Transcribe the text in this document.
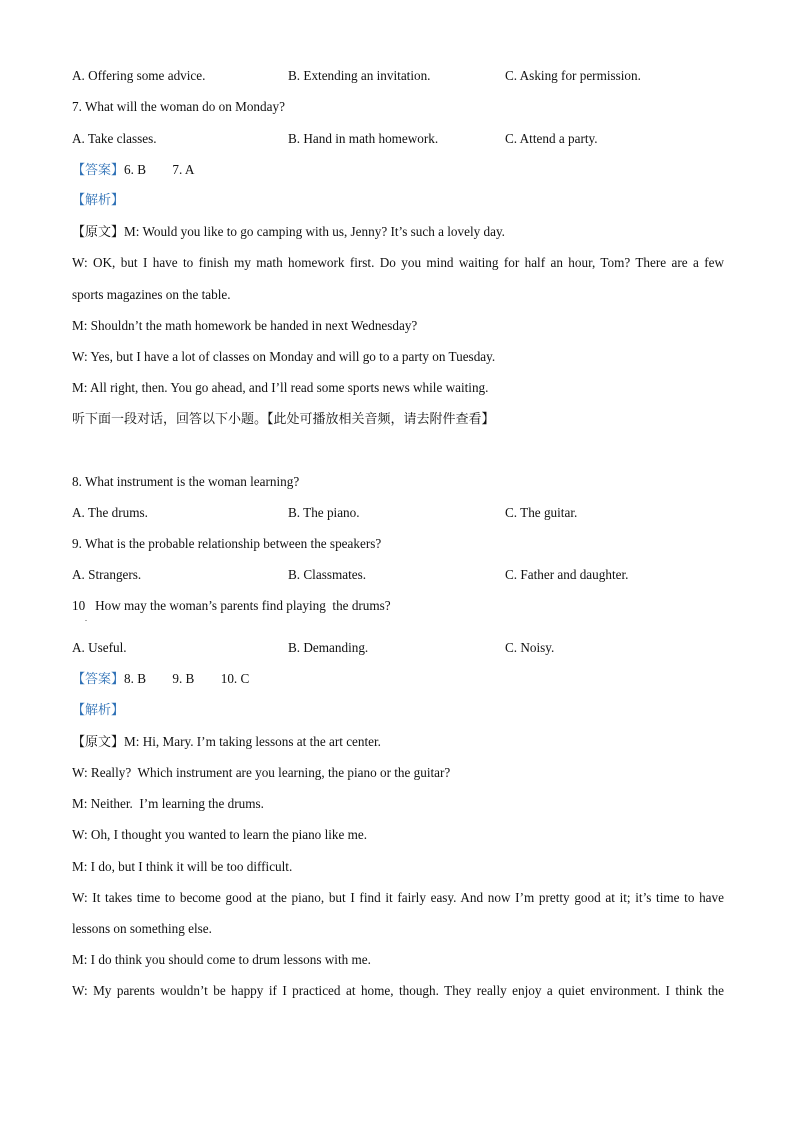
A. Offering some advice.	B. Extending an invitation.	C. Asking for permission.
7. What will the woman do on Monday?
A. Take classes.	B. Hand in math homework.	C. Attend a party.
【答案】6. B        7. A
【解析】
【原文】M: Would you like to go camping with us, Jenny? It’s such a lovely day.
W: OK, but I have to finish my math homework first. Do you mind waiting for half an hour, Tom? There are a few
sports magazines on the table.
M: Shouldn’t the math homework be handed in next Wednesday?
W: Yes, but I have a lot of classes on Monday and will go to a party on Tuesday.
M: All right, then. You go ahead, and I’ll read some sports news while waiting.
听下面一段对话，回答以下小题。【此处可播放相关音频，请去附件查看】
8. What instrument is the woman learning?
A. The drums.	B. The piano.	C. The guitar.
9. What is the probable relationship between the speakers?
A. Strangers.	B. Classmates.	C. Father and daughter.
10   How may the woman’s parents find playing  the drums?
.
A. Useful.	B. Demanding.	C. Noisy.
【答案】8. B        9. B        10. C
【解析】
【原文】M: Hi, Mary. I’m taking lessons at the art center.
W: Really?  Which instrument are you learning, the piano or the guitar?
M: Neither.  I’m learning the drums.
W: Oh, I thought you wanted to learn the piano like me.
M: I do, but I think it will be too difficult.
W: It takes time to become good at the piano, but I find it fairly easy. And now I’m pretty good at it; it’s time to have
lessons on something else.
M: I do think you should come to drum lessons with me.
W: My parents wouldn’t be happy if I practiced at home, though. They really enjoy a quiet environment. I think the
